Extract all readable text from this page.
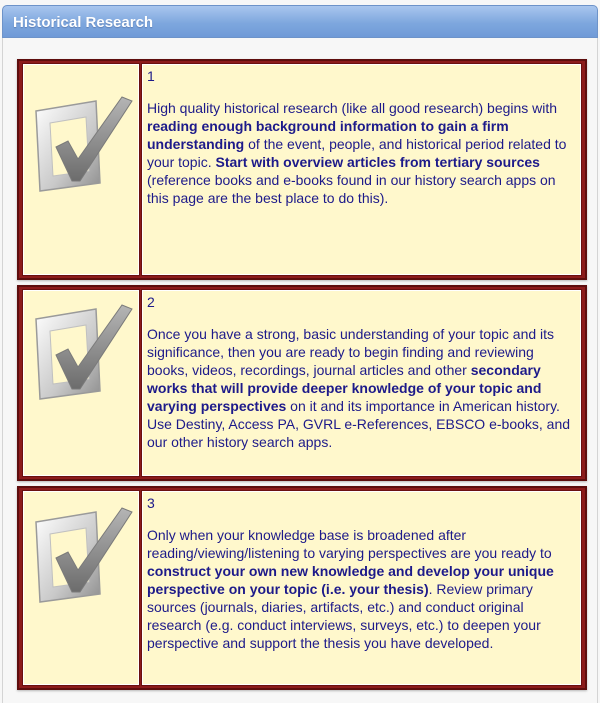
Historical Research
1

High quality historical research (like all good research) begins with reading enough background information to gain a firm understanding of the event, people, and historical period related to your topic. Start with overview articles from tertiary sources (reference books and e-books found in our history search apps on this page are the best place to do this).

2

Once you have a strong, basic understanding of your topic and its significance, then you are ready to begin finding and reviewing books, videos, recordings, journal articles and other secondary works that will provide deeper knowledge of your topic and varying perspectives on it and its importance in American history. Use Destiny, Access PA, GVRL e-References, EBSCO e-books, and our other history search apps.

3

Only when your knowledge base is broadened after reading/viewing/listening to varying perspectives are you ready to construct your own new knowledge and develop your unique perspective on your topic (i.e. your thesis). Review primary sources (journals, diaries, artifacts, etc.) and conduct original research (e.g. conduct interviews, surveys, etc.) to deepen your perspective and support the thesis you have developed.
